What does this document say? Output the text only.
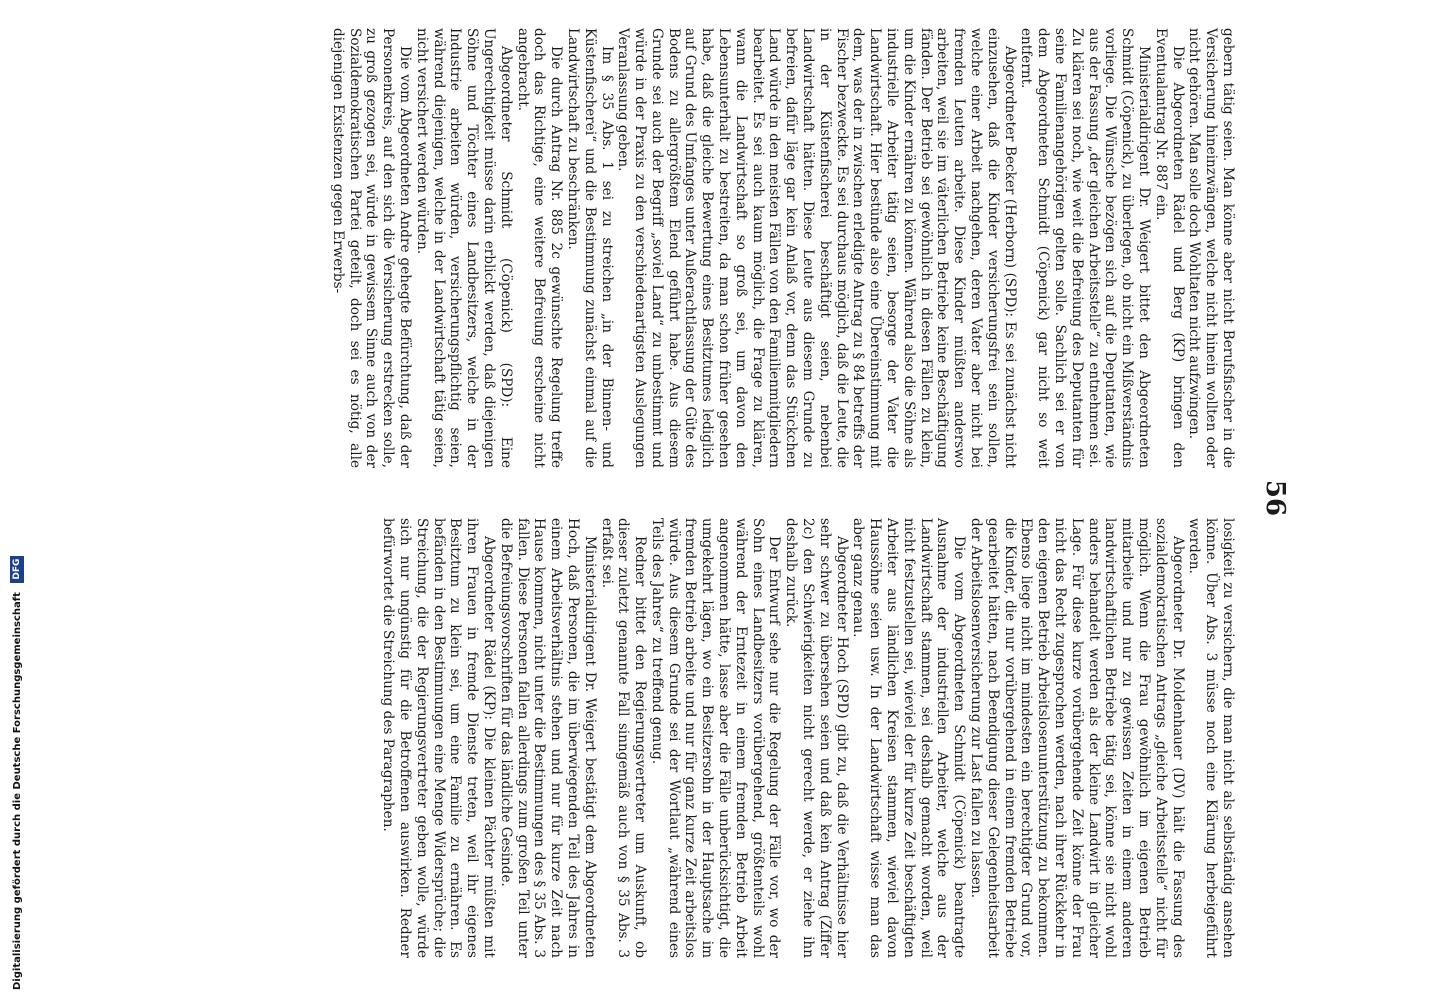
56

gebern tätig seien. Man könne aber nicht Berufsfischer in die Versicherung hineinzwängen, welche nicht hinein wollten oder nicht gehören. Man solle doch Wohltaten nicht aufzwingen.

Die Abgeordneten Rädel und Berg (KP) bringen den Eventualantrag Nr. 887 ein.

Ministerialdirigent Dr. Weigert bittet den Abgeordneten Schmidt (Cöpenick), zu überlegen, ob nicht ein Mißverständnis vorliege. Die Wünsche bezögen sich auf die Deputanten, wie aus der Fassung „der gleichen Arbeitsstelle“ zu entnehmen sei. Zu klären sei noch, wie weit die Befreiung des Deputanten für seine Familienangehörigen gelten solle. Sachlich sei er von dem Abgeordneten Schmidt (Cöpenick) gar nicht so weit entfernt.

Abgeordneter Becker (Herborn) (SPD): Es sei zunächst nicht einzusehen, daß die Kinder versicherungsfrei sein sollen, welche einer Arbeit nachgehen, deren Vater aber nicht bei fremden Leuten arbeite. Diese Kinder müßten anderswo arbeiten, weil sie im väterlichen Betriebe keine Beschäftigung fänden. Der Betrieb sei gewöhnlich in diesen Fällen zu klein, um die Kinder ernähren zu können. Während also die Söhne als industrielle Arbeiter tätig seien, besorge der Vater die Landwirtschaft. Hier bestünde also eine Übereinstimmung mit dem, was der in zwischen erledigte Antrag zu § 84 betreffs der Fischer bezweckte. Es sei durchaus möglich, daß die Leute, die in der Küstenfischerei beschäftigt seien, nebenbei Landwirtschaft hätten. Diese Leute aus diesem Grunde zu befreien, dafür läge gar kein Anlaß vor, denn das Stückchen Land würde in den meisten Fällen von den Familienmitgliedern bearbeitet. Es sei auch kaum möglich, die Frage zu klären, wann die Landwirtschaft so groß sei, um davon den Lebensunterhalt zu bestreiten, da man schon früher gesehen habe, daß die gleiche Bewertung eines Besitztumes lediglich auf Grund des Umfanges unter Außerachtlassung der Güte des Bodens zu allergrößtem Elend geführt habe. Aus diesem Grunde sei auch der Begriff „soviel Land“ zu unbestimmt und würde in der Praxis zu den verschiedenartigsten Auslegungen Veranlassung geben.

Im § 35 Abs. 1 sei zu streichen „in der Binnen- und Küstenfischerei“ und die Bestimmung zunächst einmal auf die Landwirtschaft zu beschränken.

Die durch Antrag Nr. 885 2c gewünschte Regelung treffe doch das Richtige, eine weitere Befreiung erscheine nicht angebracht.

Abgeordneter Schmidt (Cöpenick) (SPD): Eine Ungerechtigkeit müsse darin erblickt werden, daß diejenigen Söhne und Töchter eines Landbesitzers, welche in der Industrie arbeiten würden, versicherungspflichtig seien, während diejenigen, welche in der Landwirtschaft tätig seien, nicht versichert werden würden.

Die vom Abgeordneten Andre gehegte Befürchtung, daß der Personenkreis, auf den sich die Versicherung erstrecken solle, zu groß gezogen sei, würde in gewissem Sinne auch von der Sozialdemokratischen Partei geteilt, doch sei es nötig, alle diejenigen Existenzen gegen Erwerbs-

losigkeit zu versichern, die man nicht als selbständig ansehen könne. Über Abs. 3 müsse noch eine Klärung herbeigeführt werden.

Abgeordneter Dr. Moldenhauer (DV) hält die Fassung des sozialdemokratischen Antrags „gleiche Arbeitsstelle“ nicht für möglich. Wenn die Frau gewöhnlich im eigenen Betrieb mitarbeite und nur zu gewissen Zeiten in einem anderen landwirtschaftlichen Betriebe tätig sei, könne sie nicht wohl anders behandelt werden als der kleine Landwirt in gleicher Lage. Für diese kurze vorübergehende Zeit könne der Frau nicht das Recht zugesprochen werden, nach ihrer Rückkehr in den eigenen Betrieb Arbeitslosenunterstützung zu bekommen. Ebenso liege nicht im mindesten ein berechtigter Grund vor, die Kinder, die nur vorübergehend in einem fremden Betriebe gearbeitet hätten, nach Beendigung dieser Gelegenheitsarbeit der Arbeitslosenversicherung zur Last fallen zu lassen.

Die vom Abgeordneten Schmidt (Cöpenick) beantragte Ausnahme der industriellen Arbeiter, welche aus der Landwirtschaft stammen, sei deshalb gemacht worden, weil nicht festzustellen sei, wieviel der für kurze Zeit beschäftigten Arbeiter aus ländlichen Kreisen stammen, wieviel davon Haussöhne seien usw. In der Landwirtschaft wisse man das aber ganz genau.

Abgeordneter Hoch (SPD) gibt zu, daß die Verhältnisse hier sehr schwer zu übersehen seien und daß kein Antrag (Ziffer 2c) den Schwierigkeiten nicht gerecht werde, er ziehe ihn deshalb zurück.

Der Entwurf sehe nur die Regelung der Fälle vor, wo der Sohn eines Landbesitzers vorübergehend, größtenteils wohl während der Erntezeit in einem fremden Betrieb Arbeit angenommen hätte, lasse aber die Fälle unberücksichtigt, die umgekehrt lägen, wo ein Besitzersohn in der Hauptsache im fremden Betrieb arbeite und nur für ganz kurze Zeit arbeitslos würde. Aus diesem Grunde sei der Wortlaut „während eines Teils des Jahres“ zu treffend genug.

Redner bittet den Regierungsvertreter um Auskunft, ob dieser zuletzt genannte Fall sinngemäß auch von § 35 Abs. 3 erfaßt sei.

Ministerialdirigent Dr. Weigert bestätigt dem Abgeordneten Hoch, daß Personen, die im überwiegenden Teil des Jahres in einem Arbeitsverhältnis stehen und nur für kurze Zeit nach Hause kommen, nicht unter die Bestimmungen des § 35 Abs. 3 fallen. Diese Personen fallen allerdings zum großen Teil unter die Befreiungsvorschriften für das ländliche Gesinde.

Abgeordneter Rädel (KP): Die kleinen Pächter müßten mit ihren Frauen in fremde Dienste treten, weil ihr eigenes Besitztum zu klein sei, um eine Familie zu ernähren. Es befänden in den Bestimmungen eine Menge Widersprüche; die Streichung, die der Regierungsvertreter geben wolle, würde sich nur ungünstig für die Betroffenen auswirken. Redner befürwortet die Streichung des Paragraphen.

Digitalisierung gefördert durch die Deutsche Forschungsgemeinschaft DFG
